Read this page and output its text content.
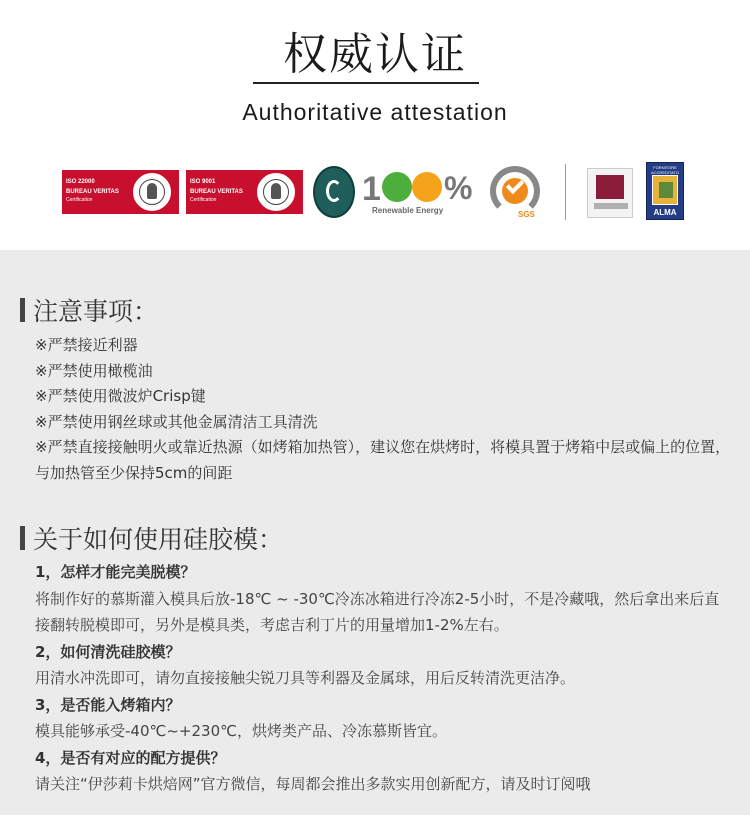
权威认证
Authoritative attestation
ISO 22000
BUREAU VERITAS
Certification
ISO 9001
BUREAU VERITAS
Certification	1 %
Renewable Energy	SGS
FORNITORE ACCREDITATO
ALMA
注意事项：
※严禁接近利器
※严禁使用橄榄油
※严禁使用微波炉Crisp键
※严禁使用钢丝球或其他金属清洁工具清洗
※严禁直接接触明火或靠近热源（如烤箱加热管），建议您在烘烤时，将模具置于烤箱中层或偏上的位置，
与加热管至少保持5cm的间距
关于如何使用硅胶模：
1，怎样才能完美脱模？
将制作好的慕斯灌入模具后放-18℃ ~ -30℃冷冻冰箱进行冷冻2-5小时，不是冷藏哦，然后拿出来后直
接翻转脱模即可，另外是模具类，考虑吉利丁片的用量增加1-2%左右。
2，如何清洗硅胶模？
用清水冲洗即可，请勿直接接触尖锐刀具等利器及金属球，用后反转清洗更洁净。
3，是否能入烤箱内？
模具能够承受-40℃~+230℃，烘烤类产品、冷冻慕斯皆宜。
4，是否有对应的配方提供？
请关注“伊莎莉卡烘焙网”官方微信，每周都会推出多款实用创新配方，请及时订阅哦
